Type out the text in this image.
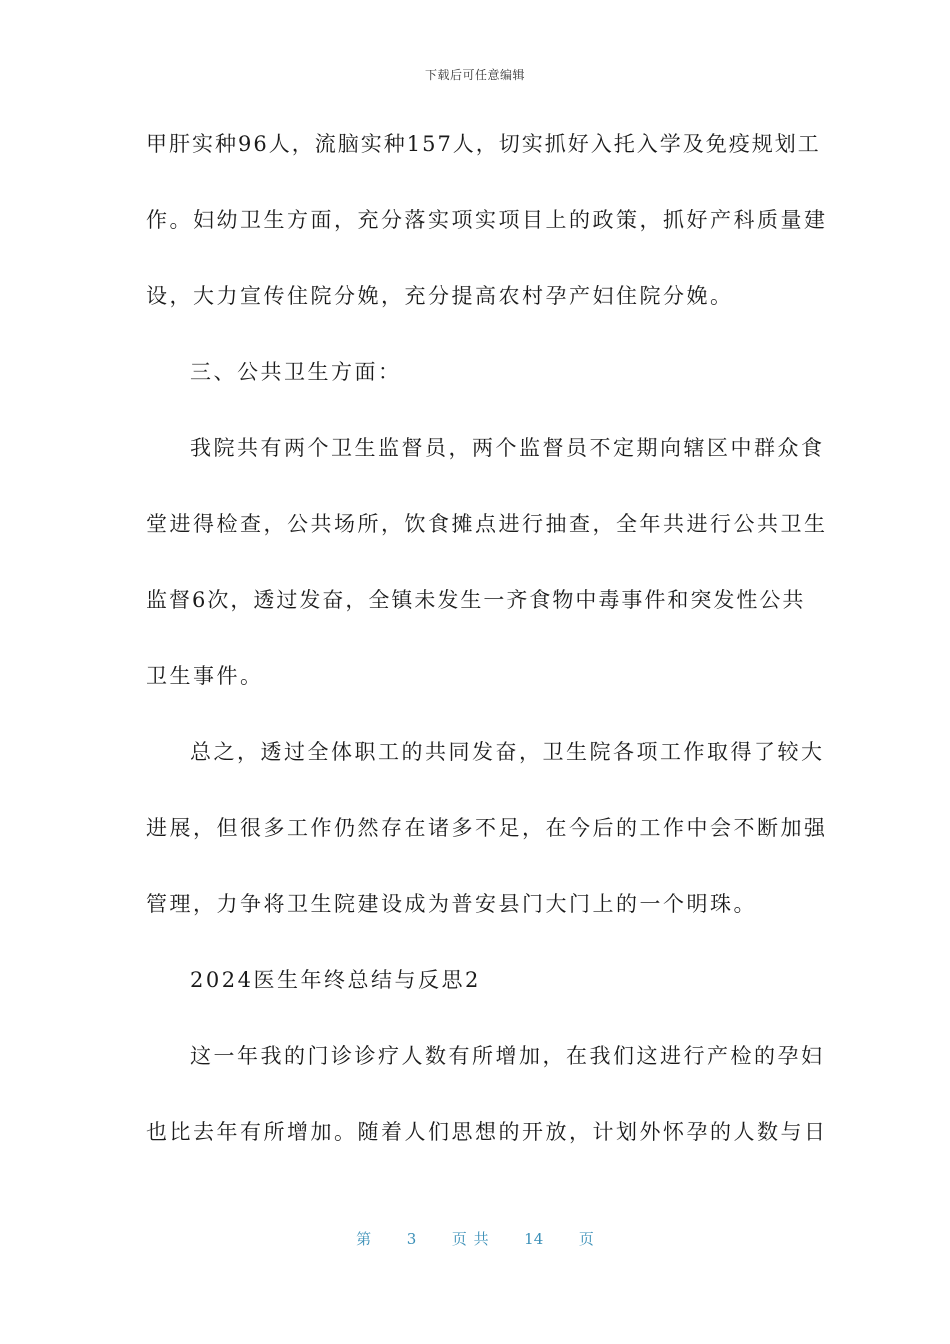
下载后可任意编辑
甲肝实种96人，流脑实种157人，切实抓好入托入学及免疫规划工
作。妇幼卫生方面，充分落实项实项目上的政策，抓好产科质量建
设，大力宣传住院分娩，充分提高农村孕产妇住院分娩。
三、公共卫生方面：
我院共有两个卫生监督员，两个监督员不定期向辖区中群众食
堂进得检查，公共场所，饮食摊点进行抽查，全年共进行公共卫生
监督6次，透过发奋，全镇未发生一齐食物中毒事件和突发性公共
卫生事件。
总之，透过全体职工的共同发奋，卫生院各项工作取得了较大
进展，但很多工作仍然存在诸多不足，在今后的工作中会不断加强
管理，力争将卫生院建设成为普安县门大门上的一个明珠。
2024医生年终总结与反思2
这一年我的门诊诊疗人数有所增加，在我们这进行产检的孕妇
也比去年有所增加。随着人们思想的开放，计划外怀孕的人数与日
第 3 页 共 14 页
